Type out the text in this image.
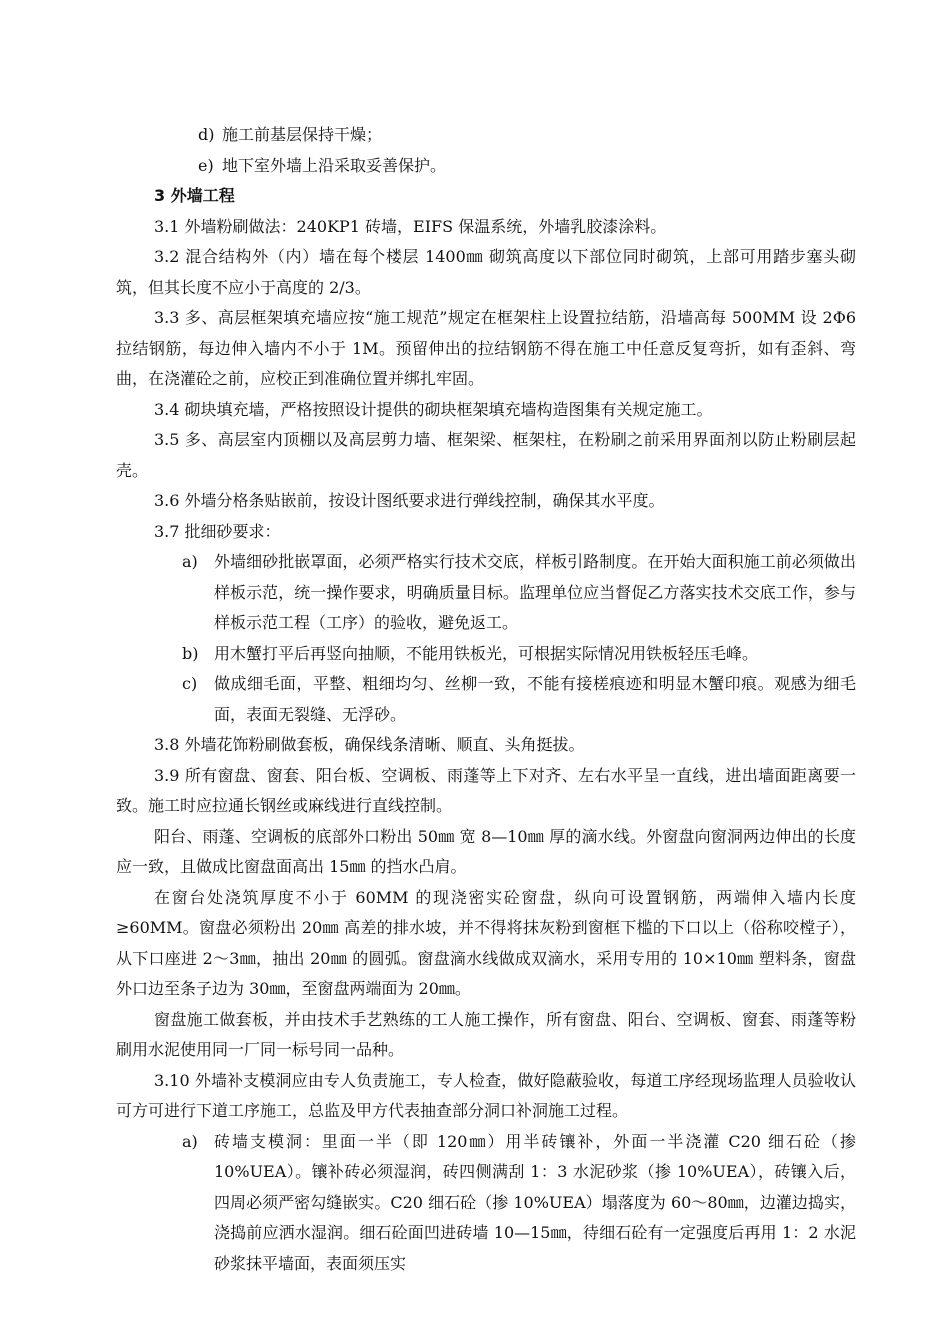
d) 施工前基层保持干燥；

e) 地下室外墙上沿采取妥善保护。

3 外墙工程

3.1 外墙粉刷做法：240KP1 砖墙，EIFS 保温系统，外墙乳胶漆涂料。

3.2 混合结构外（内）墙在每个楼层 1400㎜ 砌筑高度以下部位同时砌筑，上部可用踏步塞头砌筑，但其长度不应小于高度的 2/3。

3.3 多、高层框架填充墙应按“施工规范”规定在框架柱上设置拉结筋，沿墙高每 500MM 设 2Φ6 拉结钢筋，每边伸入墙内不小于 1M。预留伸出的拉结钢筋不得在施工中任意反复弯折，如有歪斜、弯曲，在浇灌砼之前，应校正到准确位置并绑扎牢固。

3.4 砌块填充墙，严格按照设计提供的砌块框架填充墙构造图集有关规定施工。

3.5 多、高层室内顶棚以及高层剪力墙、框架梁、框架柱，在粉刷之前采用界面剂以防止粉刷层起壳。

3.6 外墙分格条贴嵌前，按设计图纸要求进行弹线控制，确保其水平度。

3.7 批细砂要求：

a) 外墙细砂批嵌罩面，必须严格实行技术交底，样板引路制度。在开始大面积施工前必须做出样板示范，统一操作要求，明确质量目标。监理单位应当督促乙方落实技术交底工作，参与样板示范工程（工序）的验收，避免返工。

b) 用木蟹打平后再竖向抽顺，不能用铁板光，可根据实际情况用铁板轻压毛峰。

c) 做成细毛面，平整、粗细均匀、丝柳一致，不能有接槎痕迹和明显木蟹印痕。观感为细毛面，表面无裂缝、无浮砂。

3.8 外墙花饰粉刷做套板，确保线条清晰、顺直、头角挺拔。

3.9 所有窗盘、窗套、阳台板、空调板、雨蓬等上下对齐、左右水平呈一直线，进出墙面距离要一致。施工时应拉通长钢丝或麻线进行直线控制。

阳台、雨蓬、空调板的底部外口粉出 50㎜ 宽 8—10㎜ 厚的滴水线。外窗盘向窗洞两边伸出的长度应一致，且做成比窗盘面高出 15㎜ 的挡水凸肩。

在窗台处浇筑厚度不小于 60MM 的现浇密实砼窗盘，纵向可设置钢筋，两端伸入墙内长度≥60MM。窗盘必须粉出 20㎜ 高差的排水坡，并不得将抹灰粉到窗框下槛的下口以上（俗称咬樘子），从下口座进 2～3㎜，抽出 20㎜ 的圆弧。窗盘滴水线做成双滴水，采用专用的 10×10㎜ 塑料条，窗盘外口边至条子边为 30㎜，至窗盘两端面为 20㎜。

窗盘施工做套板，并由技术手艺熟练的工人施工操作，所有窗盘、阳台、空调板、窗套、雨蓬等粉刷用水泥使用同一厂同一标号同一品种。

3.10 外墙补支模洞应由专人负责施工，专人检查，做好隐蔽验收，每道工序经现场监理人员验收认可方可进行下道工序施工，总监及甲方代表抽查部分洞口补洞施工过程。

a) 砖墙支模洞：里面一半（即 120㎜）用半砖镶补，外面一半浇灌 C20 细石砼（掺 10%UEA）。镶补砖必须湿润，砖四侧满刮 1：3 水泥砂浆（掺 10%UEA），砖镶入后，四周必须严密勾缝嵌实。C20 细石砼（掺 10%UEA）塌落度为 60～80㎜，边灌边捣实，浇捣前应洒水湿润。细石砼面凹进砖墙 10—15㎜，待细石砼有一定强度后再用 1：2 水泥砂浆抹平墙面，表面须压实
